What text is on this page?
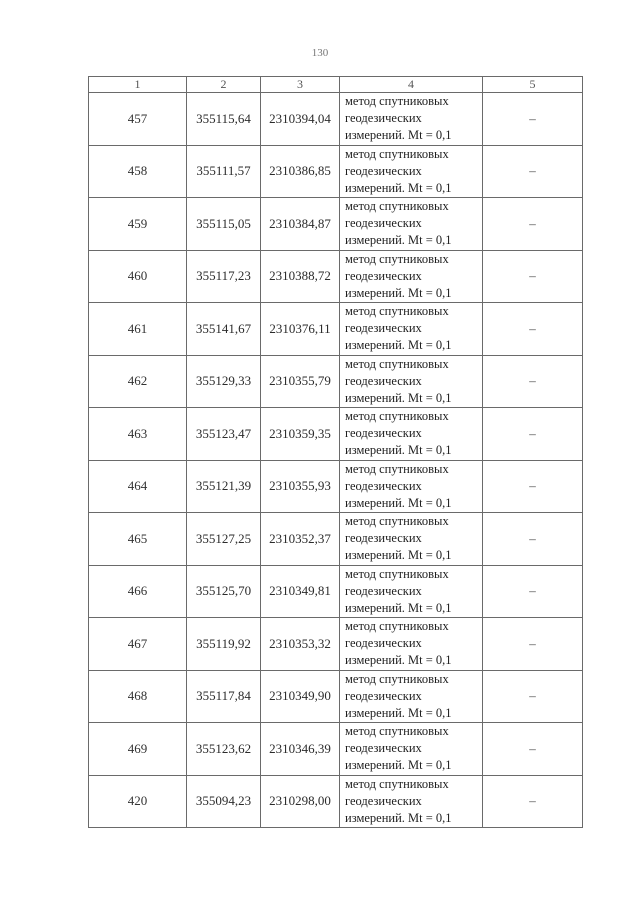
130
1	2	3	4	5
457	355115,64	2310394,04	метод спутниковых геодезических измерений. Mt = 0,1	–
458	355111,57	2310386,85	метод спутниковых геодезических измерений. Mt = 0,1	–
459	355115,05	2310384,87	метод спутниковых геодезических измерений. Mt = 0,1	–
460	355117,23	2310388,72	метод спутниковых геодезических измерений. Mt = 0,1	–
461	355141,67	2310376,11	метод спутниковых геодезических измерений. Mt = 0,1	–
462	355129,33	2310355,79	метод спутниковых геодезических измерений. Mt = 0,1	–
463	355123,47	2310359,35	метод спутниковых геодезических измерений. Mt = 0,1	–
464	355121,39	2310355,93	метод спутниковых геодезических измерений. Mt = 0,1	–
465	355127,25	2310352,37	метод спутниковых геодезических измерений. Mt = 0,1	–
466	355125,70	2310349,81	метод спутниковых геодезических измерений. Mt = 0,1	–
467	355119,92	2310353,32	метод спутниковых геодезических измерений. Mt = 0,1	–
468	355117,84	2310349,90	метод спутниковых геодезических измерений. Mt = 0,1	–
469	355123,62	2310346,39	метод спутниковых геодезических измерений. Mt = 0,1	–
420	355094,23	2310298,00	метод спутниковых геодезических измерений. Mt = 0,1	–
